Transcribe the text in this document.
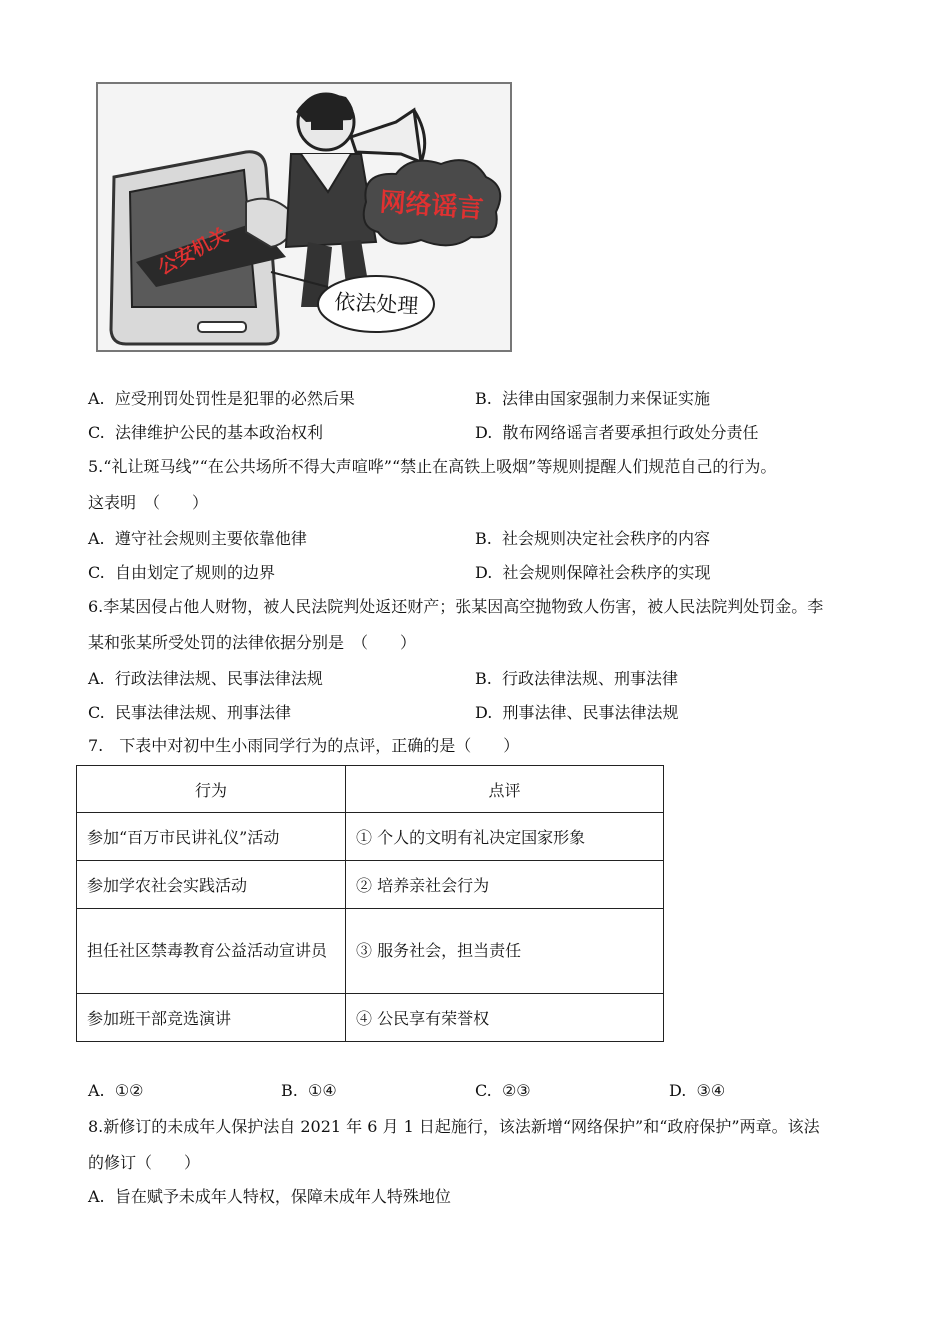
网络谣言
公安机关
依法处理
A. 应受刑罚处罚性是犯罪的必然后果	B. 法律由国家强制力来保证实施
C. 法律维护公民的基本政治权利	D. 散布网络谣言者要承担行政处分责任
5.“礼让斑马线”“在公共场所不得大声喧哗”“禁止在高铁上吸烟”等规则提醒人们规范自己的行为。
这表明　（　　）
A. 遵守社会规则主要依靠他律	B. 社会规则决定社会秩序的内容
C. 自由划定了规则的边界	D. 社会规则保障社会秩序的实现
6.李某因侵占他人财物，被人民法院判处返还财产；张某因高空抛物致人伤害，被人民法院判处罚金。李
某和张某所受处罚的法律依据分别是　（　　）
A. 行政法律法规、民事法律法规	B. 行政法律法规、刑事法律
C. 民事法律法规、刑事法律	D. 刑事法律、民事法律法规
7.　下表中对初中生小雨同学行为的点评，正确的是（　　）
行为	点评
参加“百万市民讲礼仪”活动	① 个人的文明有礼决定国家形象
参加学农社会实践活动	② 培养亲社会行为
担任社区禁毒教育公益活动宣讲员	③ 服务社会，担当责任
参加班干部竞选演讲	④ 公民享有荣誉权
A. ①②	B. ①④	C. ②③	D. ③④
8.新修订的未成年人保护法自 2021 年 6 月 1 日起施行，该法新增“网络保护”和“政府保护”两章。该法
的修订（　　）
A. 旨在赋予未成年人特权，保障未成年人特殊地位
